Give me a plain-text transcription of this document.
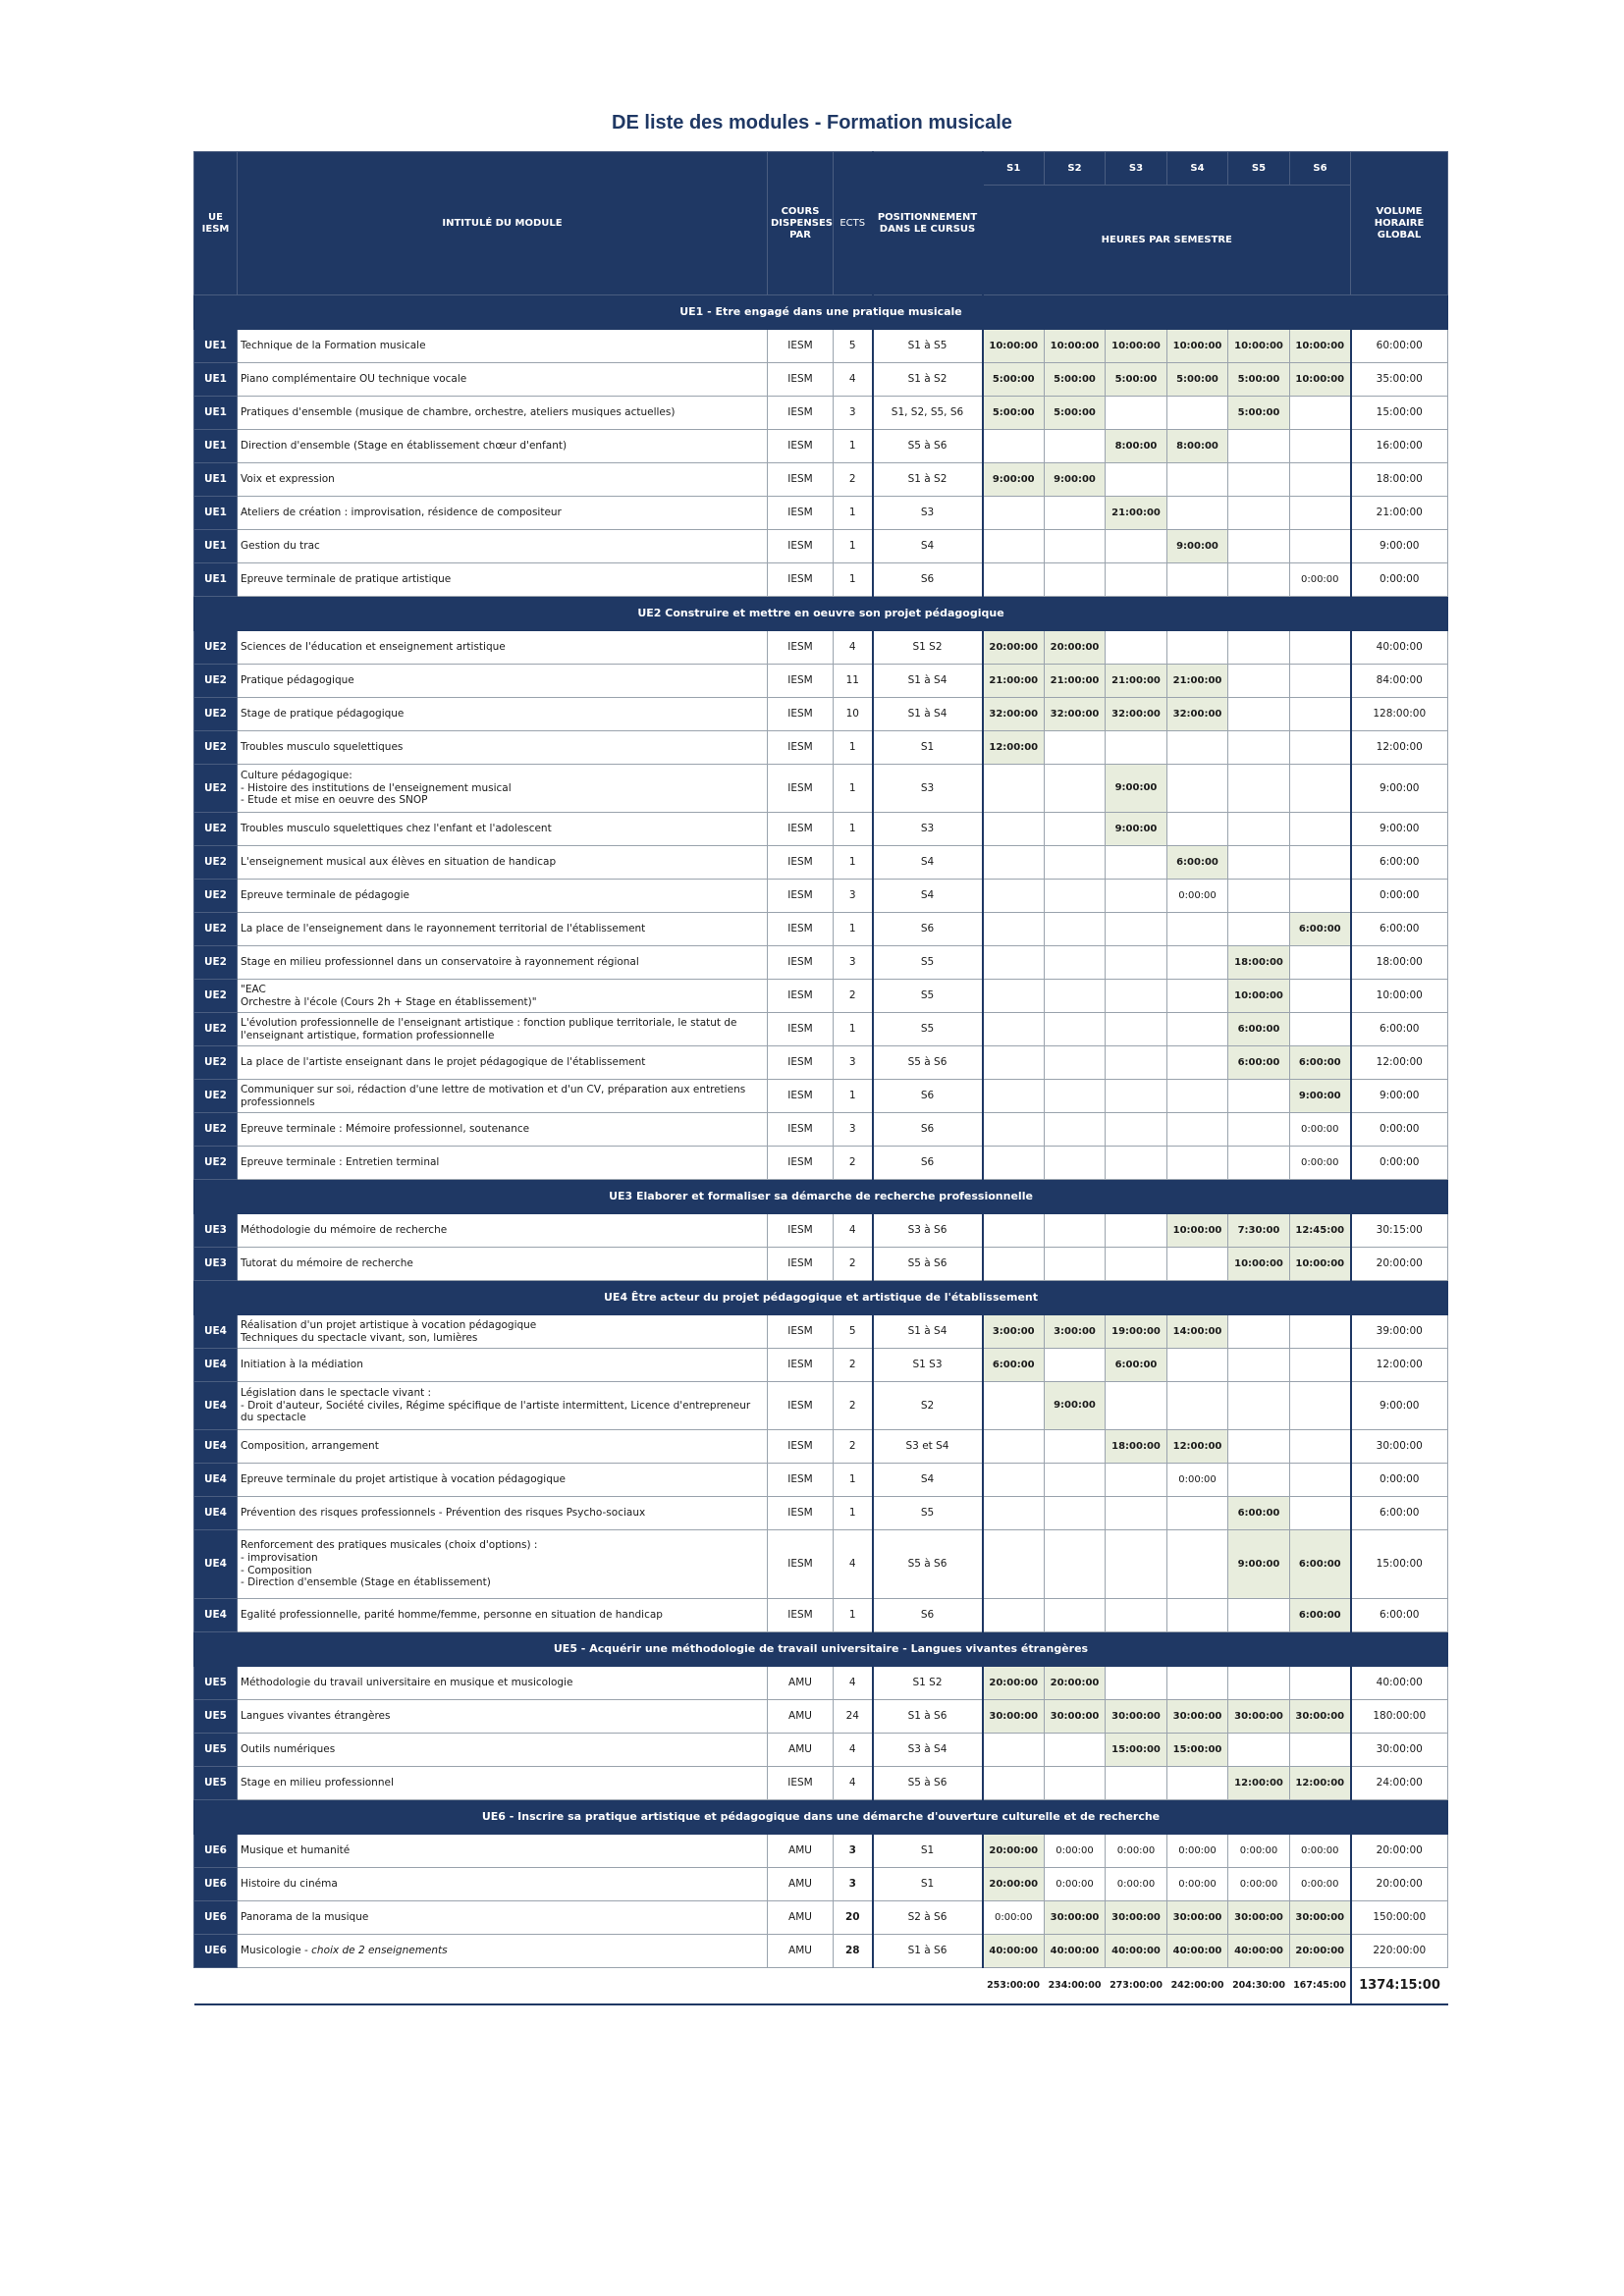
DE liste des modules - Formation musicale
UE IESM	INTITULÉ DU MODULE	COURS DISPENSES PAR	ECTS	POSITIONNEMENT DANS LE CURSUS	S1	S2	S3	S4	S5	S6	VOLUME HORAIRE GLOBAL
					HEURES PAR SEMESTRE						
UE1 - Etre engagé dans une pratique musicale											
UE1	Technique de la Formation musicale	IESM	5	S1 à S5	10:00:00	10:00:00	10:00:00	10:00:00	10:00:00	10:00:00	60:00:00
UE1	Piano complémentaire OU technique vocale	IESM	4	S1 à S2	5:00:00	5:00:00	5:00:00	5:00:00	5:00:00	10:00:00	35:00:00
UE1	Pratiques d'ensemble (musique de chambre, orchestre, ateliers musiques actuelles)	IESM	3	S1, S2, S5, S6	5:00:00	5:00:00			5:00:00		15:00:00
UE1	Direction d'ensemble (Stage en établissement chœur d'enfant)	IESM	1	S5 à S6			8:00:00	8:00:00			16:00:00
UE1	Voix et expression	IESM	2	S1 à S2	9:00:00	9:00:00					18:00:00
UE1	Ateliers de création : improvisation, résidence de compositeur	IESM	1	S3			21:00:00				21:00:00
UE1	Gestion du trac	IESM	1	S4				9:00:00			9:00:00
UE1	Epreuve terminale de pratique artistique	IESM	1	S6						0:00:00	0:00:00
UE2 Construire et mettre en oeuvre son projet pédagogique											
UE2	Sciences de l'éducation et enseignement artistique	IESM	4	S1 S2	20:00:00	20:00:00					40:00:00
UE2	Pratique pédagogique	IESM	11	S1 à S4	21:00:00	21:00:00	21:00:00	21:00:00			84:00:00
UE2	Stage de pratique pédagogique	IESM	10	S1 à S4	32:00:00	32:00:00	32:00:00	32:00:00			128:00:00
UE2	Troubles musculo squelettiques	IESM	1	S1	12:00:00						12:00:00
UE2	Culture pédagogique:
- Histoire des institutions de l'enseignement musical
- Etude et mise en oeuvre des SNOP	IESM	1	S3			9:00:00				9:00:00
UE2	Troubles musculo squelettiques chez l'enfant et l'adolescent	IESM	1	S3			9:00:00				9:00:00
UE2	L'enseignement musical aux élèves en situation de handicap	IESM	1	S4				6:00:00			6:00:00
UE2	Epreuve terminale de pédagogie	IESM	3	S4				0:00:00			0:00:00
UE2	La place de l'enseignement dans le rayonnement territorial de l'établissement	IESM	1	S6						6:00:00	6:00:00
UE2	Stage en milieu professionnel dans un conservatoire à rayonnement régional	IESM	3	S5					18:00:00		18:00:00
UE2	"EAC
Orchestre à l'école (Cours 2h + Stage en établissement)"	IESM	2	S5					10:00:00		10:00:00
UE2	L'évolution professionnelle de l'enseignant artistique : fonction publique territoriale, le statut de l'enseignant artistique, formation professionnelle	IESM	1	S5					6:00:00		6:00:00
UE2	La place de l'artiste enseignant dans le projet pédagogique de l'établissement	IESM	3	S5 à S6					6:00:00	6:00:00	12:00:00
UE2	Communiquer sur soi, rédaction d'une lettre de motivation et d'un CV, préparation aux entretiens professionnels	IESM	1	S6						9:00:00	9:00:00
UE2	Epreuve terminale : Mémoire professionnel, soutenance	IESM	3	S6						0:00:00	0:00:00
UE2	Epreuve terminale : Entretien terminal	IESM	2	S6						0:00:00	0:00:00
UE3 Elaborer et formaliser sa démarche de recherche professionnelle											
UE3	Méthodologie du mémoire de recherche	IESM	4	S3 à S6				10:00:00	7:30:00	12:45:00	30:15:00
UE3	Tutorat du mémoire de recherche	IESM	2	S5 à S6					10:00:00	10:00:00	20:00:00
UE4 Être acteur du projet pédagogique et artistique de l'établissement											
UE4	Réalisation d'un projet artistique à vocation pédagogique
Techniques du spectacle vivant, son, lumières	IESM	5	S1 à S4	3:00:00	3:00:00	19:00:00	14:00:00			39:00:00
UE4	Initiation à la médiation	IESM	2	S1 S3	6:00:00		6:00:00				12:00:00
UE4	Législation dans le spectacle vivant :
- Droit d'auteur, Société civiles, Régime spécifique de l'artiste intermittent, Licence d'entrepreneur du spectacle	IESM	2	S2		9:00:00					9:00:00
UE4	Composition, arrangement	IESM	2	S3 et S4			18:00:00	12:00:00			30:00:00
UE4	Epreuve terminale du projet artistique à vocation pédagogique	IESM	1	S4				0:00:00			0:00:00
UE4	Prévention des risques professionnels - Prévention des risques Psycho-sociaux	IESM	1	S5					6:00:00		6:00:00
UE4	Renforcement des pratiques musicales (choix d'options) :
- improvisation
- Composition
- Direction d'ensemble (Stage en établissement)	IESM	4	S5 à S6					9:00:00	6:00:00	15:00:00
UE4	Egalité professionnelle, parité homme/femme, personne en situation de handicap	IESM	1	S6						6:00:00	6:00:00
UE5 - Acquérir une méthodologie de travail universitaire - Langues vivantes étrangères											
UE5	Méthodologie du travail universitaire en musique et musicologie	AMU	4	S1 S2	20:00:00	20:00:00					40:00:00
UE5	Langues vivantes étrangères	AMU	24	S1 à S6	30:00:00	30:00:00	30:00:00	30:00:00	30:00:00	30:00:00	180:00:00
UE5	Outils numériques	AMU	4	S3 à S4			15:00:00	15:00:00			30:00:00
UE5	Stage en milieu professionnel	IESM	4	S5 à S6					12:00:00	12:00:00	24:00:00
UE6 - Inscrire sa pratique artistique et pédagogique dans une démarche d'ouverture culturelle et de recherche											
UE6	Musique et humanité	AMU	3	S1	20:00:00	0:00:00	0:00:00	0:00:00	0:00:00	0:00:00	20:00:00
UE6	Histoire du cinéma	AMU	3	S1	20:00:00	0:00:00	0:00:00	0:00:00	0:00:00	0:00:00	20:00:00
UE6	Panorama de la musique	AMU	20	S2 à S6	0:00:00	30:00:00	30:00:00	30:00:00	30:00:00	30:00:00	150:00:00
UE6	Musicologie - choix de 2 enseignements	AMU	28	S1 à S6	40:00:00	40:00:00	40:00:00	40:00:00	40:00:00	20:00:00	220:00:00
					253:00:00	234:00:00	273:00:00	242:00:00	204:30:00	167:45:00	1374:15:00
